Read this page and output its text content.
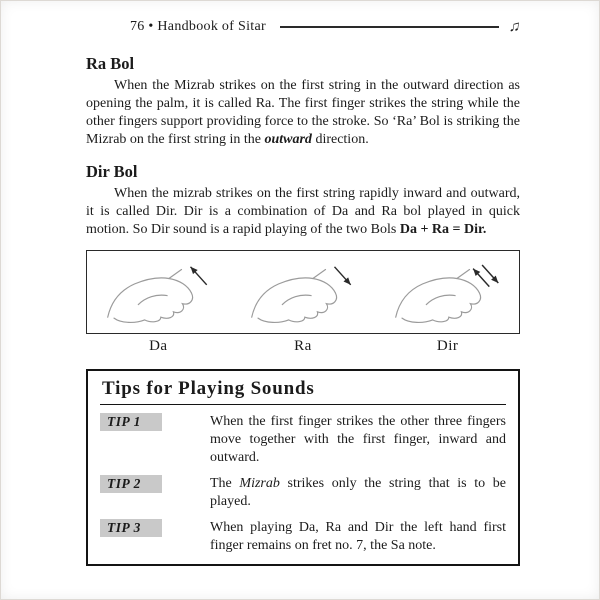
76 • Handbook of Sitar	♫
Ra Bol

When the Mizrab strikes on the first string in the outward direction as opening the palm, it is called Ra. The first finger strikes the string while the other fingers support providing force to the stroke. So ‘Ra’ Bol is striking the Mizrab on the first string in the outward direction.

Dir Bol

When the mizrab strikes on the first string rapidly inward and outward, it is called Dir. Dir is a combination of Da and Ra bol played in quick motion. So Dir sound is a rapid playing of the two Bols Da + Ra = Dir.

Da	Ra	Dir
Tips for Playing Sounds
TIP 1	When the first finger strikes the other three fingers move together with the first finger, inward and outward.
TIP 2	The Mizrab strikes only the string that is to be played.
TIP 3	When playing Da, Ra and Dir the left hand first finger remains on fret no. 7, the Sa note.
